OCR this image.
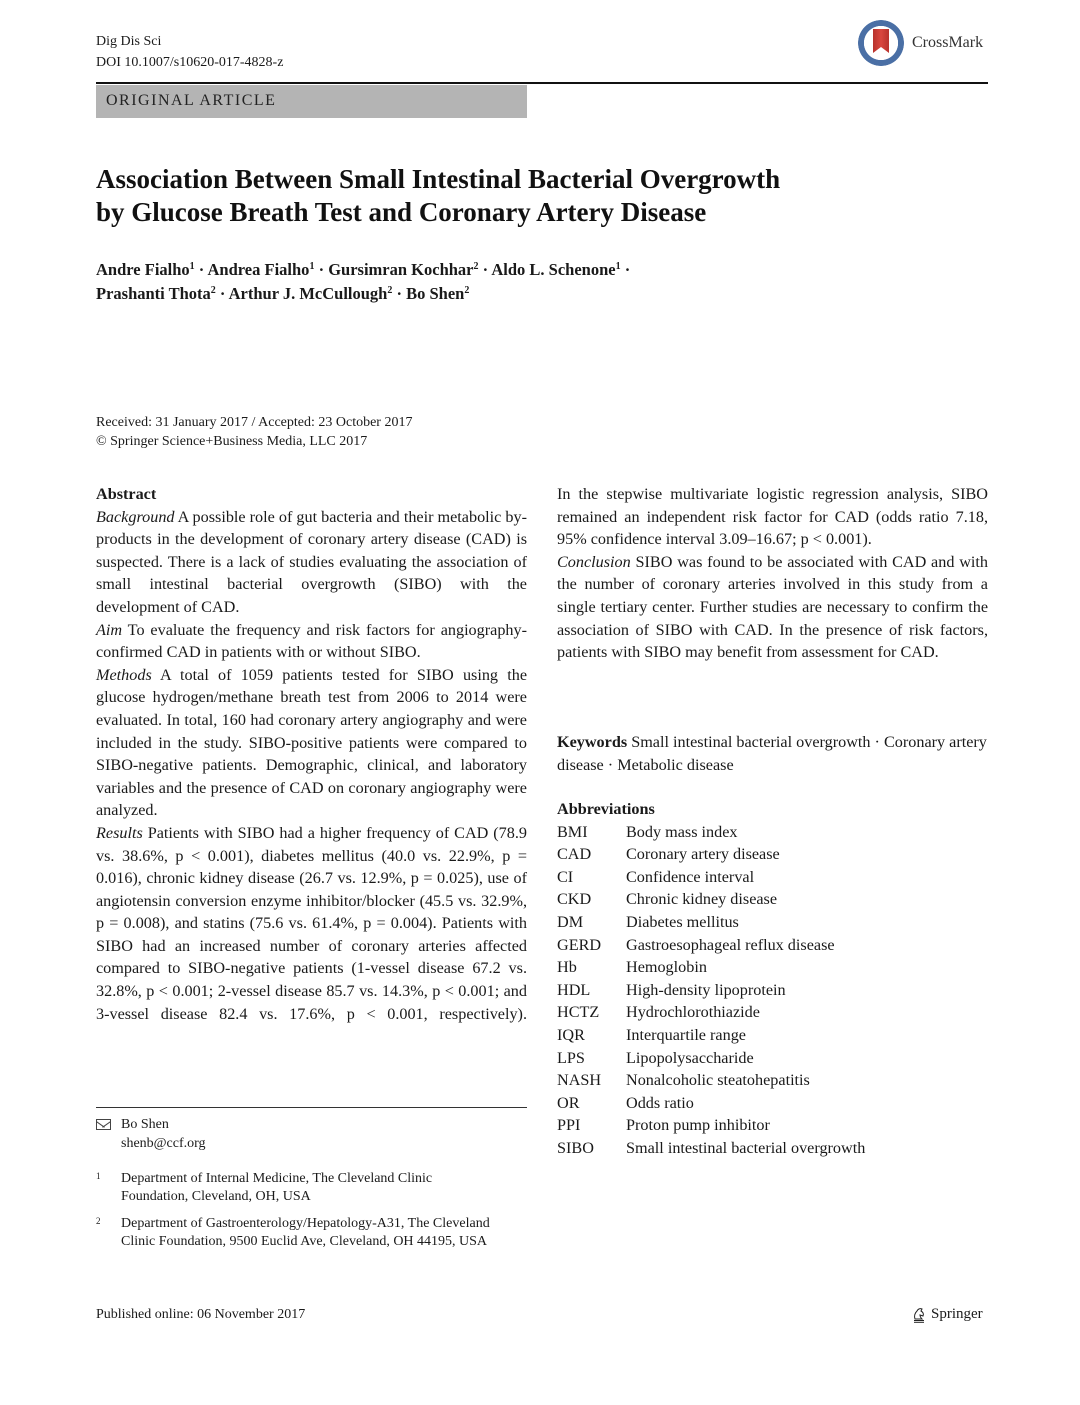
Dig Dis Sci
DOI 10.1007/s10620-017-4828-z
CrossMark
ORIGINAL ARTICLE
Association Between Small Intestinal Bacterial Overgrowth
by Glucose Breath Test and Coronary Artery Disease
Andre Fialho$^1$ · Andrea Fialho$^1$ · Gursimran Kochhar$^2$ · Aldo L. Schenone$^1$ ·
Prashanti Thota$^2$ · Arthur J. McCullough$^2$ · Bo Shen$^2$
Received: 31 January 2017 / Accepted: 23 October 2017
© Springer Science+Business Media, LLC 2017

Abstract

Background A possible role of gut bacteria and their metabolic by-products in the development of coronary artery disease (CAD) is suspected. There is a lack of studies evaluating the association of small intestinal bacterial overgrowth (SIBO) with the development of CAD.

Aim To evaluate the frequency and risk factors for angiography-confirmed CAD in patients with or without SIBO.

Methods A total of 1059 patients tested for SIBO using the glucose hydrogen/methane breath test from 2006 to 2014 were evaluated. In total, 160 had coronary artery angiography and were included in the study. SIBO-positive patients were compared to SIBO-negative patients. Demographic, clinical, and laboratory variables and the presence of CAD on coronary angiography were analyzed.

Results Patients with SIBO had a higher frequency of CAD (78.9 vs. 38.6%, p < 0.001), diabetes mellitus (40.0 vs. 22.9%, p = 0.016), chronic kidney disease (26.7 vs. 12.9%, p = 0.025), use of angiotensin conversion enzyme inhibitor/blocker (45.5 vs. 32.9%, p = 0.008), and statins (75.6 vs. 61.4%, p = 0.004). Patients with SIBO had an increased number of coronary arteries affected compared to SIBO-negative patients (1-vessel disease 67.2 vs. 32.8%, p < 0.001; 2-vessel disease 85.7 vs. 14.3%, p < 0.001; and 3-vessel disease 82.4 vs. 17.6%, p < 0.001, respectively).

In the stepwise multivariate logistic regression analysis, SIBO remained an independent risk factor for CAD (odds ratio 7.18, 95% confidence interval 3.09–16.67; p < 0.001).

Conclusion SIBO was found to be associated with CAD and with the number of coronary arteries involved in this study from a single tertiary center. Further studies are necessary to confirm the association of SIBO with CAD. In the presence of risk factors, patients with SIBO may benefit from assessment for CAD.

Keywords Small intestinal bacterial overgrowth · Coronary artery disease · Metabolic disease
Abbreviations
BMI	Body mass index
CAD	Coronary artery disease
CI	Confidence interval
CKD	Chronic kidney disease
DM	Diabetes mellitus
GERD	Gastroesophageal reflux disease
Hb	Hemoglobin
HDL	High-density lipoprotein
HCTZ	Hydrochlorothiazide
IQR	Interquartile range
LPS	Lipopolysaccharide
NASH	Nonalcoholic steatohepatitis
OR	Odds ratio
PPI	Proton pump inhibitor
SIBO	Small intestinal bacterial overgrowth
Bo Shen
shenb@ccf.org
1 Department of Internal Medicine, The Cleveland Clinic Foundation, Cleveland, OH, USA
2 Department of Gastroenterology/Hepatology-A31, The Cleveland Clinic Foundation, 9500 Euclid Ave, Cleveland, OH 44195, USA
Published online: 06 November 2017	Springer
